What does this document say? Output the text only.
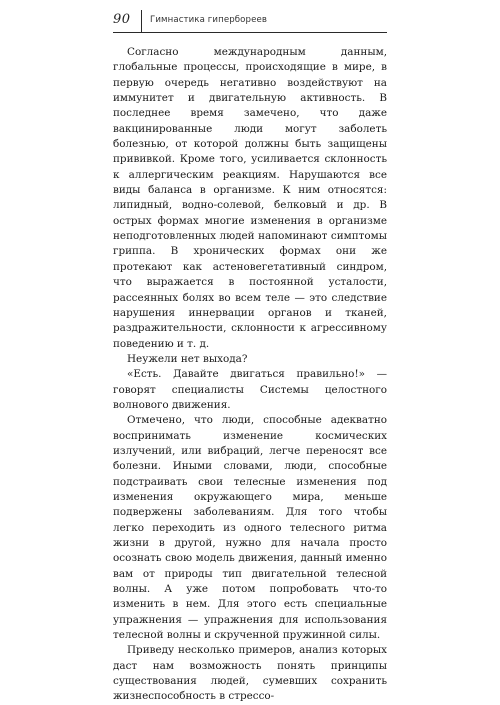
90 Гимнастика гипербореев

Согласно международным данным, глобальные процессы, происходящие в мире, в первую очередь негативно воздействуют на иммунитет и двигательную активность. В последнее время замечено, что даже вакцинированные люди могут заболеть болезнью, от которой должны быть защищены прививкой. Кроме того, усиливается склонность к аллергическим реакциям. Нарушаются все виды баланса в организме. К ним относятся: липидный, водно-солевой, белковый и др. В острых формах многие изменения в организме неподготовленных людей напоминают симптомы гриппа. В хронических формах они же протекают как астеновегетативный синдром, что выражается в постоянной усталости, рассеянных болях во всем теле — это следствие нарушения иннервации органов и тканей, раздражительности, склонности к агрессивному поведению и т. д.

Неужели нет выхода?

«Есть. Давайте двигаться правильно!» — говорят специалисты Системы целостного волнового движения.

Отмечено, что люди, способные адекватно воспринимать изменение космических излучений, или вибраций, легче переносят все болезни. Иными словами, люди, способные подстраивать свои телесные изменения под изменения окружающего мира, меньше подвержены заболеваниям. Для того чтобы легко переходить из одного телесного ритма жизни в другой, нужно для начала просто осознать свою модель движения, данный именно вам от природы тип двигательной телесной волны. А уже потом попробовать что-то изменить в нем. Для этого есть специальные упражнения — упражнения для использования телесной волны и скрученной пружинной силы.

Приведу несколько примеров, анализ которых даст нам возможность понять принципы существования людей, сумевших сохранить жизнеспособность в стрессо-
